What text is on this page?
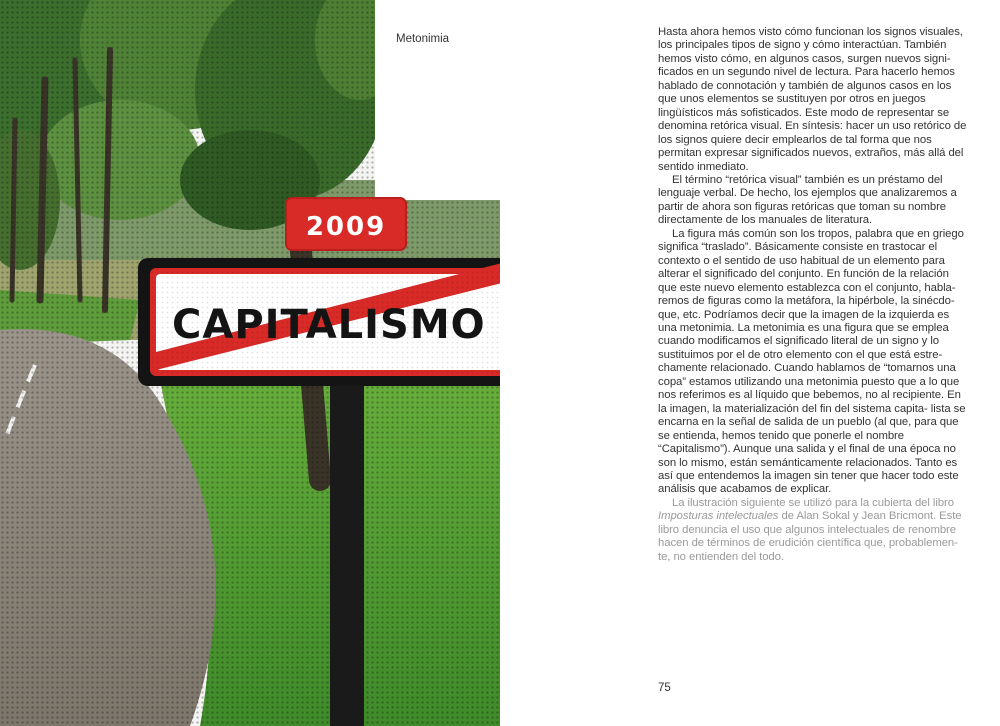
2009
Metonimia

Hasta ahora hemos visto cómo funcionan los signos visuales, los principales tipos de signo y cómo interactúan. También hemos visto cómo, en algunos casos, surgen nuevos signi- ficados en un segundo nivel de lectura. Para hacerlo hemos hablado de connotación y también de algunos casos en los que unos elementos se sustituyen por otros en juegos lingüísticos más sofisticados. Este modo de representar se denomina retórica visual. En síntesis: hacer un uso retórico de los signos quiere decir emplearlos de tal forma que nos permitan expresar significados nuevos, extraños, más allá del sentido inmediato.

El término “retórica visual” también es un préstamo del lenguaje verbal. De hecho, los ejemplos que analizaremos a partir de ahora son figuras retóricas que toman su nombre directamente de los manuales de literatura.

La figura más común son los tropos, palabra que en griego significa “traslado”. Básicamente consiste en trastocar el contexto o el sentido de uso habitual de un elemento para alterar el significado del conjunto. En función de la relación que este nuevo elemento establezca con el conjunto, habla- remos de figuras como la metáfora, la hipérbole, la sinécdo- que, etc. Podríamos decir que la imagen de la izquierda es una metonimia. La metonimia es una figura que se emplea cuando modificamos el significado literal de un signo y lo sustituimos por el de otro elemento con el que está estre- chamente relacionado. Cuando hablamos de “tomarnos una copa” estamos utilizando una metonimia puesto que a lo que nos referimos es al líquido que bebemos, no al recipiente. En la imagen, la materialización del fin del sistema capita- lista se encarna en la señal de salida de un pueblo (al que, para que se entienda, hemos tenido que ponerle el nombre “Capitalismo”). Aunque una salida y el final de una época no son lo mismo, están semánticamente relacionados. Tanto es así que entendemos la imagen sin tener que hacer todo este análisis que acabamos de explicar.

La ilustración siguiente se utilizó para la cubierta del libro Imposturas intelectuales de Alan Sokal y Jean Bricmont. Este libro denuncia el uso que algunos intelectuales de renombre hacen de términos de erudición científica que, probablemen- te, no entienden del todo.

75
